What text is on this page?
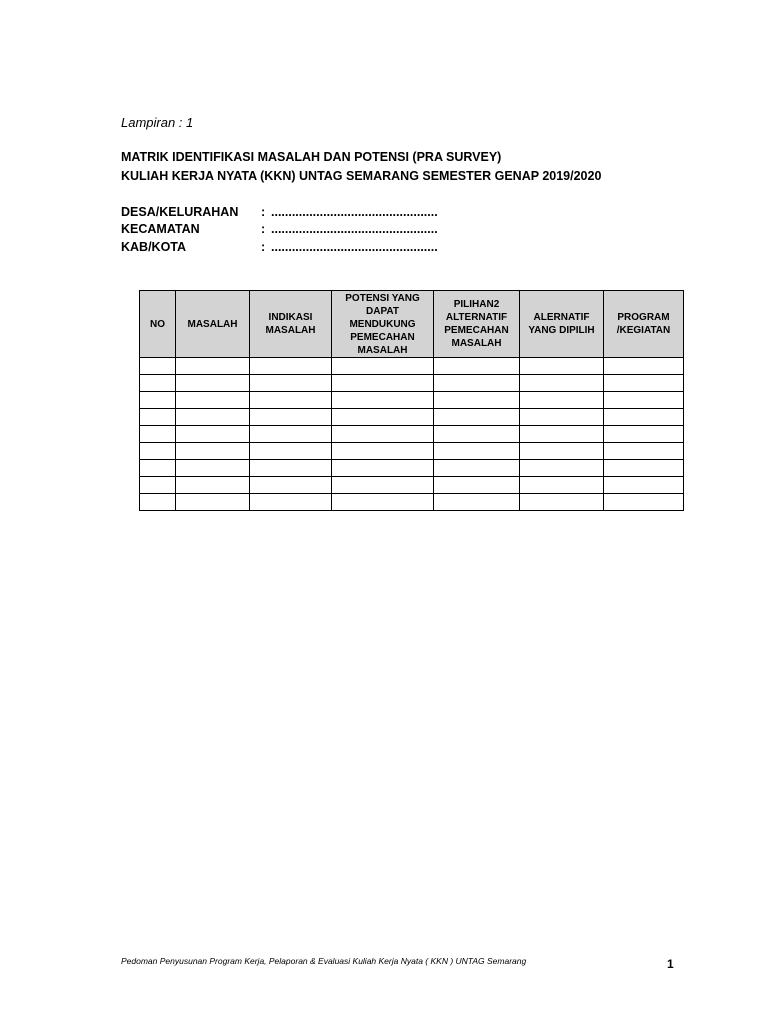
Lampiran : 1
MATRIK IDENTIFIKASI MASALAH DAN POTENSI (PRA SURVEY)
KULIAH KERJA NYATA (KKN) UNTAG SEMARANG SEMESTER GENAP 2019/2020
DESA/KELURAHAN : ................................................
KECAMATAN	: ................................................
KAB/KOTA	: ................................................
NO	MASALAH	INDIKASI MASALAH	POTENSI YANG DAPAT MENDUKUNG PEMECAHAN MASALAH	PILIHAN2 ALTERNATIF PEMECAHAN MASALAH	ALERNATIF YANG DIPILIH	PROGRAM /KEGIATAN

Pedoman Penyusunan Program Kerja, Pelaporan & Evaluasi Kuliah Kerja Nyata ( KKN ) UNTAG Semarang	1
